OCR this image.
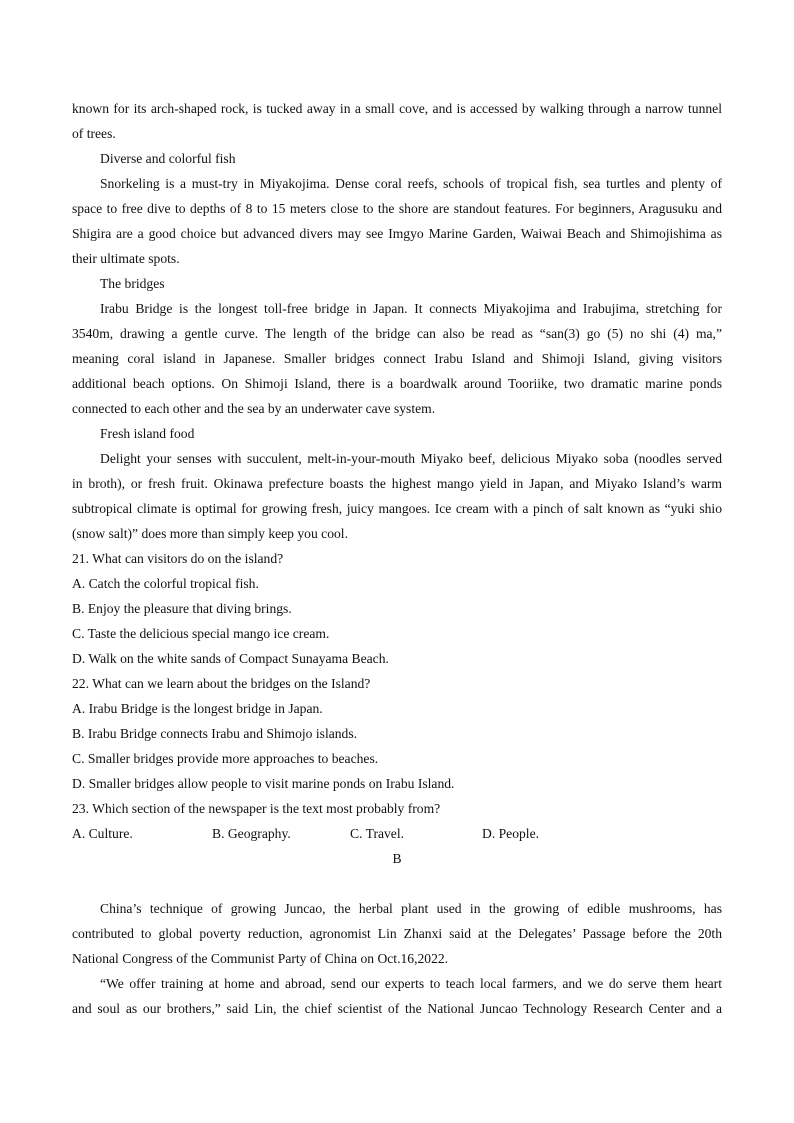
known for its arch-shaped rock, is tucked away in a small cove, and is accessed by walking through a narrow tunnel
of trees.
Diverse and colorful fish
Snorkeling is a must-try in Miyakojima. Dense coral reefs, schools of tropical fish, sea turtles and plenty of
space to free dive to depths of 8 to 15 meters close to the shore are standout features. For beginners, Aragusuku and
Shigira are a good choice but advanced divers may see Imgyo Marine Garden, Waiwai Beach and Shimojishima as
their ultimate spots.
The bridges
Irabu Bridge is the longest toll-free bridge in Japan. It connects Miyakojima and Irabujima, stretching for
3540m, drawing a gentle curve. The length of the bridge can also be read as “san(3) go (5) no shi (4) ma,”
meaning coral island in Japanese. Smaller bridges connect Irabu Island and Shimoji Island, giving visitors
additional beach options. On Shimoji Island, there is a boardwalk around Tooriike, two dramatic marine ponds
connected to each other and the sea by an underwater cave system.
Fresh island food
Delight your senses with succulent, melt-in-your-mouth Miyako beef, delicious Miyako soba (noodles served
in broth), or fresh fruit. Okinawa prefecture boasts the highest mango yield in Japan, and Miyako Island’s warm
subtropical climate is optimal for growing fresh, juicy mangoes. Ice cream with a pinch of salt known as “yuki shio
(snow salt)” does more than simply keep you cool.
21. What can visitors do on the island?
A. Catch the colorful tropical fish.
B. Enjoy the pleasure that diving brings.
C. Taste the delicious special mango ice cream.
D. Walk on the white sands of Compact Sunayama Beach.
22. What can we learn about the bridges on the Island?
A. Irabu Bridge is the longest bridge in Japan.
B. Irabu Bridge connects Irabu and Shimojo islands.
C. Smaller bridges provide more approaches to beaches.
D. Smaller bridges allow people to visit marine ponds on Irabu Island.
23. Which section of the newspaper is the text most probably from?
A. Culture.	B. Geography.	C. Travel.	D. People.
B
China’s technique of growing Juncao, the herbal plant used in the growing of edible mushrooms, has
contributed to global poverty reduction, agronomist Lin Zhanxi said at the Delegates’ Passage before the 20th
National Congress of the Communist Party of China on Oct.16,2022.
“We offer training at home and abroad, send our experts to teach local farmers, and we do serve them heart
and soul as our brothers,” said Lin, the chief scientist of the National Juncao Technology Research Center and a
